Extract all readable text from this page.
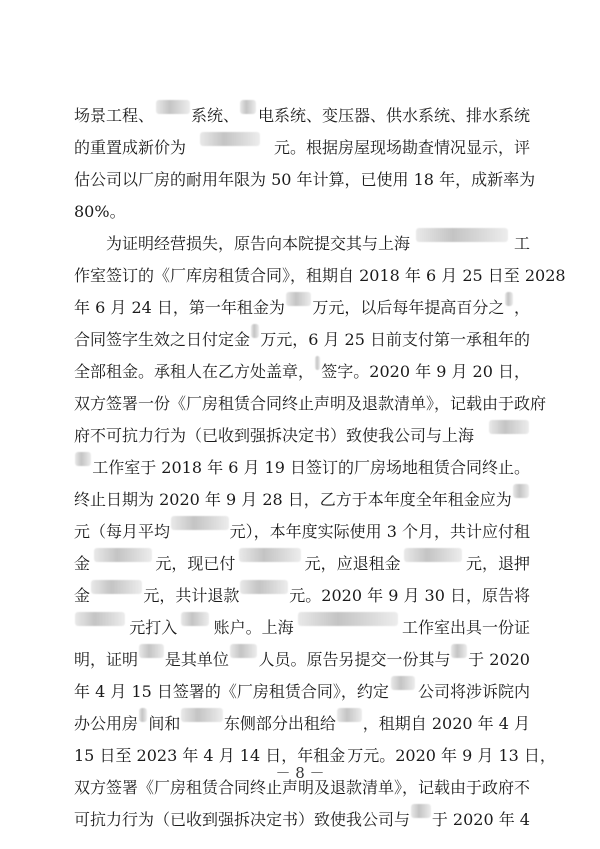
场景工程、 系统、 电系统、变压器、供水系统、排水系统
的重置成新价为	元。根据房屋现场勘查情况显示，评
估公司以厂房的耐用年限为 50 年计算，已使用 18 年，成新率为
80%。
为证明经营损失，原告向本院提交其与上海	工
作室签订的《厂库房租赁合同》，租期自 2018 年 6 月 25 日至 2028
年 6 月 24 日，第一年租金为 万元，以后每年提高百分之 ，
合同签字生效之日付定金 万元，6 月 25 日前支付第一承租年的
全部租金。承租人在乙方处盖章， 签字。2020 年 9 月 20 日，
双方签署一份《厂房租赁合同终止声明及退款清单》，记载由于政府
府不可抗力行为（已收到强拆决定书）致使我公司与上海
工作室于 2018 年 6 月 19 日签订的厂房场地租赁合同终止。
终止日期为 2020 年 9 月 28 日，乙方于本年度全年租金应为
元（每月平均	元），本年度实际使用 3 个月，共计应付租
金	元，现已付	元，应退租金	元，退押
金	元，共计退款	元。2020 年 9 月 30 日，原告将
元打入 账户。上海	工作室出具一份证
明，证明 是其单位 人员。原告另提交一份其与 于 2020
年 4 月 15 日签署的《厂房租赁合同》，约定 公司将涉诉院内
办公用房 间和	东侧部分出租给 ，租期自 2020 年 4 月
15 日至 2023 年 4 月 14 日，年租金 万元。2020 年 9 月 13 日，
双方签署《厂房租赁合同终止声明及退款清单》，记载由于政府不
可抗力行为（已收到强拆决定书）致使我公司与 于 2020 年 4
－ 8 －
